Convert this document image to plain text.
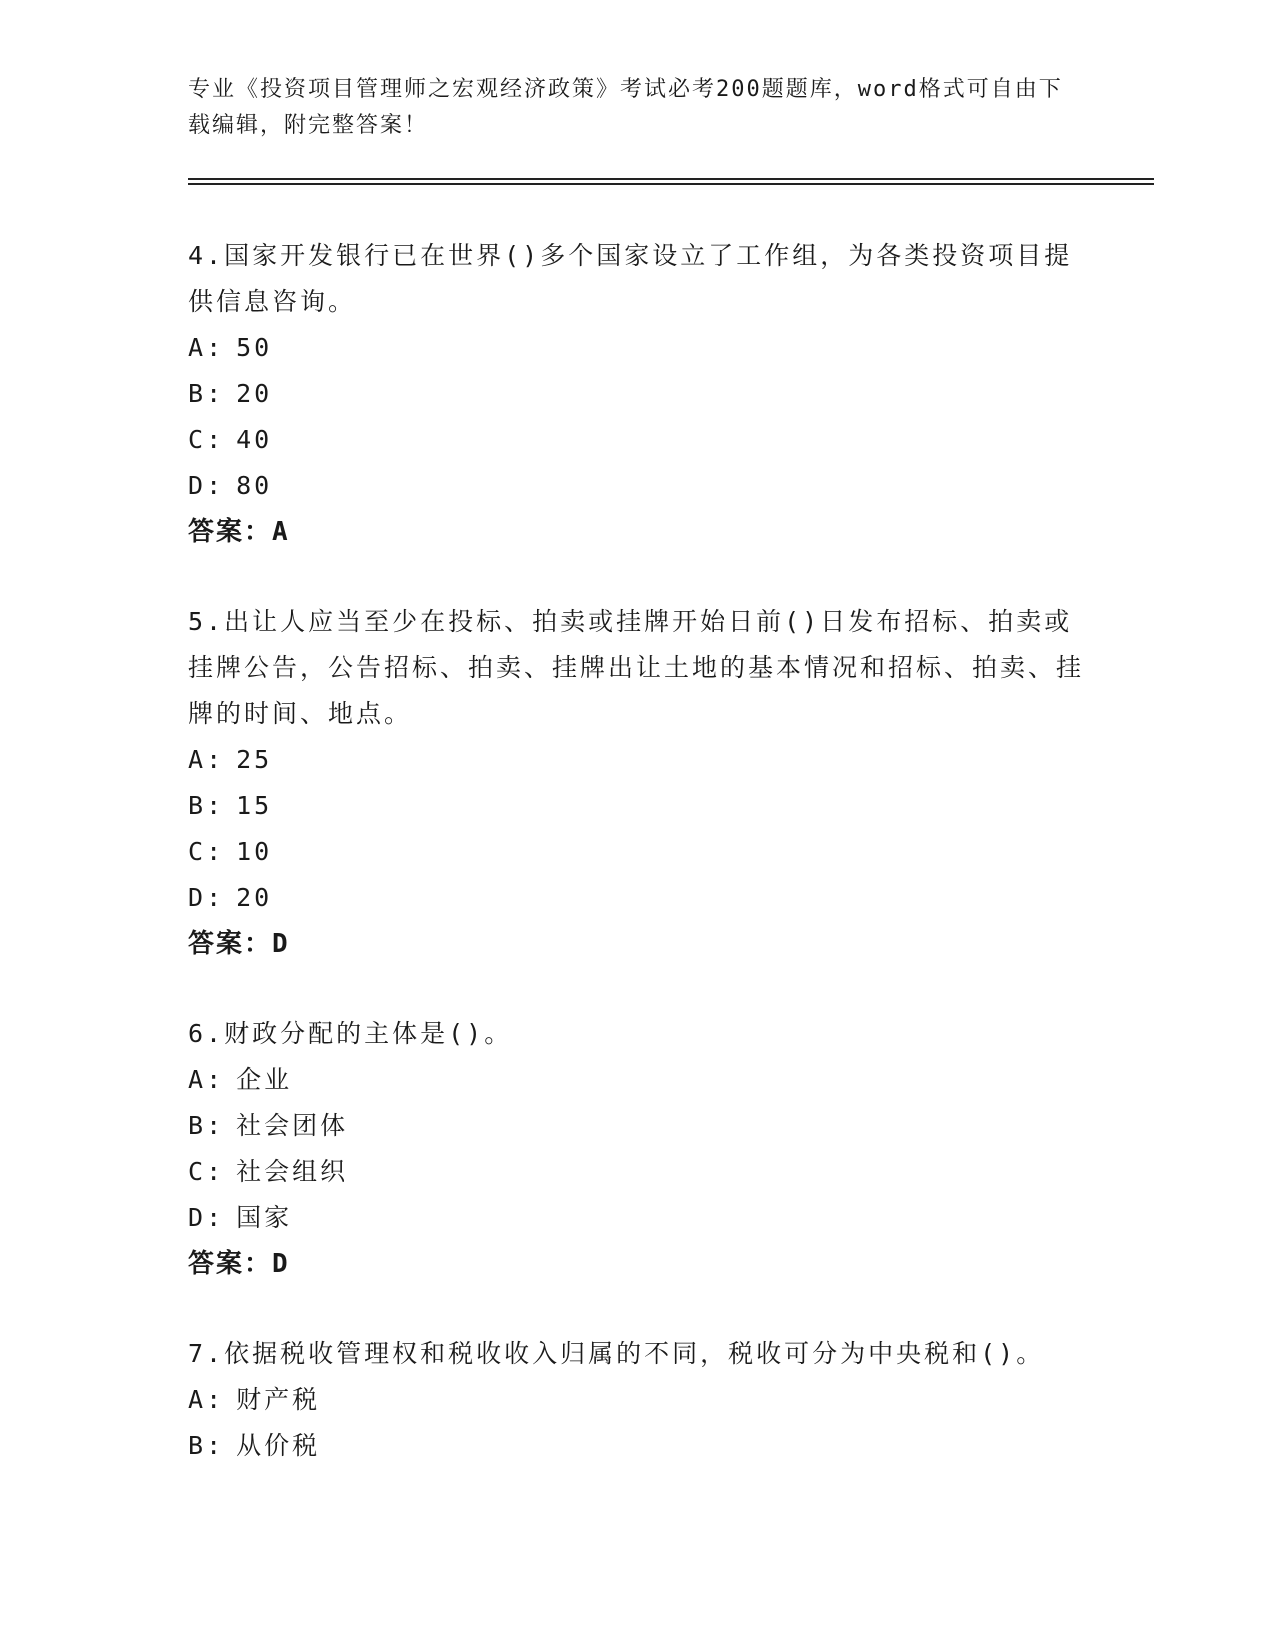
专业《投资项目管理师之宏观经济政策》考试必考200题题库，word格式可自由下载编辑，附完整答案！

4.国家开发银行已在世界()多个国家设立了工作组，为各类投资项目提供信息咨询。

A: 50

B: 20

C: 40

D: 80

答案：A

5.出让人应当至少在投标、拍卖或挂牌开始日前()日发布招标、拍卖或挂牌公告，公告招标、拍卖、挂牌出让土地的基本情况和招标、拍卖、挂牌的时间、地点。

A: 25

B: 15

C: 10

D: 20

答案：D

6.财政分配的主体是()。

A: 企业

B: 社会团体

C: 社会组织

D: 国家

答案：D

7.依据税收管理权和税收收入归属的不同，税收可分为中央税和()。

A: 财产税

B: 从价税
